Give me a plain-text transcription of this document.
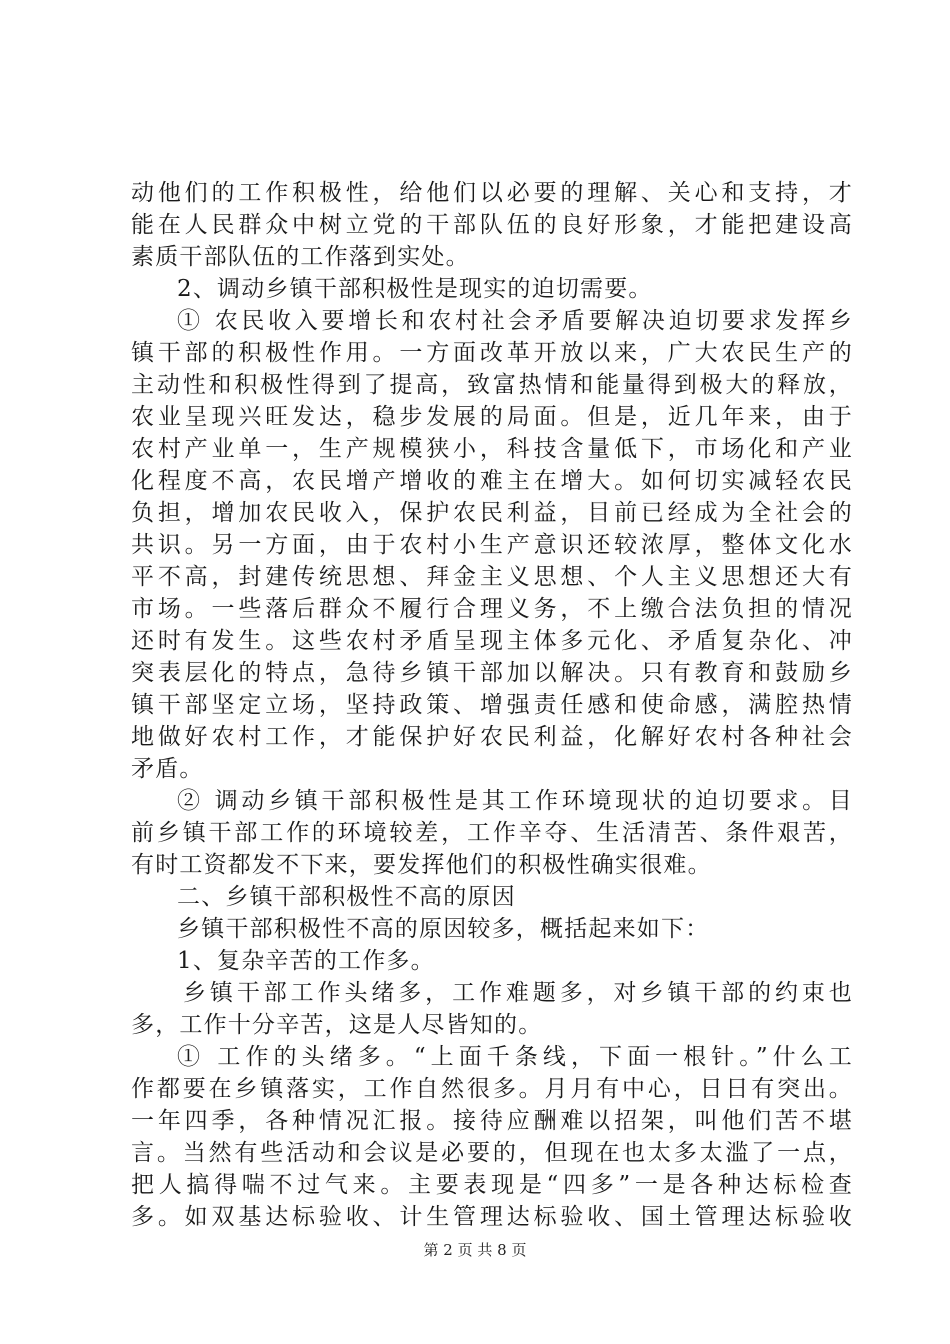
动他们的工作积极性，给他们以必要的理解、关心和支持，才
能在人民群众中树立党的干部队伍的良好形象，才能把建设高
素质干部队伍的工作落到实处。
2、调动乡镇干部积极性是现实的迫切需要。
① 农民收入要增长和农村社会矛盾要解决迫切要求发挥乡
镇干部的积极性作用。一方面改革开放以来，广大农民生产的
主动性和积极性得到了提高，致富热情和能量得到极大的释放，
农业呈现兴旺发达，稳步发展的局面。但是，近几年来，由于
农村产业单一，生产规模狭小，科技含量低下，市场化和产业
化程度不高，农民增产增收的难主在增大。如何切实减轻农民
负担，增加农民收入，保护农民利益，目前已经成为全社会的
共识。另一方面，由于农村小生产意识还较浓厚，整体文化水
平不高，封建传统思想、拜金主义思想、个人主义思想还大有
市场。一些落后群众不履行合理义务，不上缴合法负担的情况
还时有发生。这些农村矛盾呈现主体多元化、矛盾复杂化、冲
突表层化的特点，急待乡镇干部加以解决。只有教育和鼓励乡
镇干部坚定立场，坚持政策、增强责任感和使命感，满腔热情
地做好农村工作，才能保护好农民利益，化解好农村各种社会
矛盾。
② 调动乡镇干部积极性是其工作环境现状的迫切要求。目
前乡镇干部工作的环境较差，工作辛夺、生活清苦、条件艰苦，
有时工资都发不下来，要发挥他们的积极性确实很难。
二、乡镇干部积极性不高的原因
乡镇干部积极性不高的原因较多，概括起来如下：
1、复杂辛苦的工作多。
乡镇干部工作头绪多，工作难题多，对乡镇干部的约束也
多，工作十分辛苦，这是人尽皆知的。
① 工作的头绪多。“上面千条线，下面一根针。”什么工
作都要在乡镇落实，工作自然很多。月月有中心，日日有突出。
一年四季，各种情况汇报。接待应酬难以招架，叫他们苦不堪
言。当然有些活动和会议是必要的，但现在也太多太滥了一点，
把人搞得喘不过气来。主要表现是“四多”一是各种达标检查
多。如双基达标验收、计生管理达标验收、国土管理达标验收
第 2 页 共 8 页
